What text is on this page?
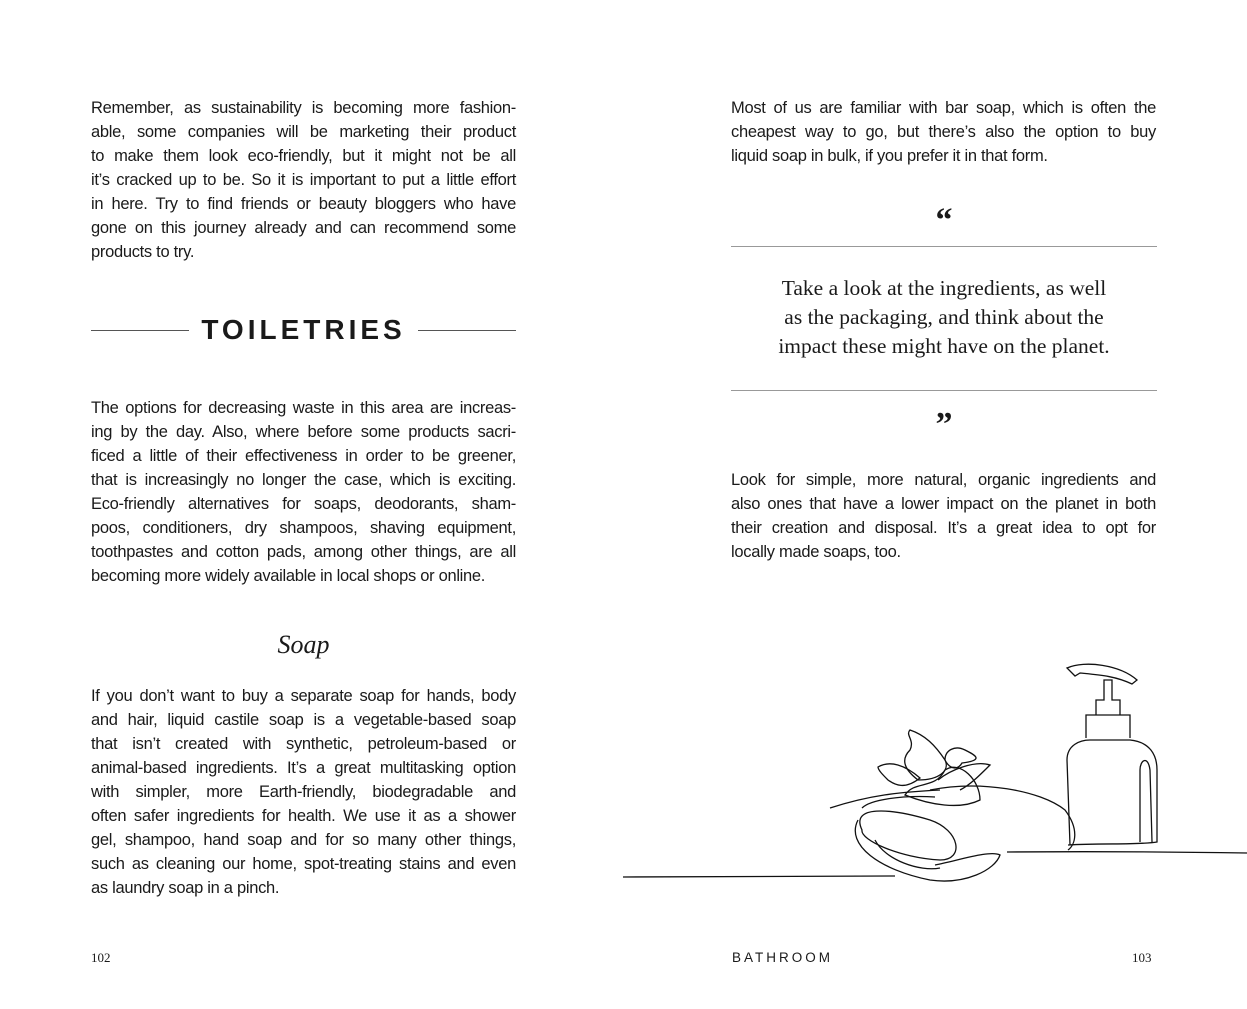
Remember, as sustainability is becoming more fashion-
able, some companies will be marketing their product
to make them look eco-friendly, but it might not be all
it’s cracked up to be. So it is important to put a little effort
in here. Try to find friends or beauty bloggers who have
gone on this journey already and can recommend some
products to try.
TOILETRIES
The options for decreasing waste in this area are increas-
ing by the day. Also, where before some products sacri-
ficed a little of their effectiveness in order to be greener,
that is increasingly no longer the case, which is exciting.
Eco-friendly alternatives for soaps, deodorants, sham-
poos, conditioners, dry shampoos, shaving equipment,
toothpastes and cotton pads, among other things, are all
becoming more widely available in local shops or online.
Soap
If you don’t want to buy a separate soap for hands, body
and hair, liquid castile soap is a vegetable-based soap
that isn’t created with synthetic, petroleum-based or
animal-based ingredients. It’s a great multitasking option
with simpler, more Earth-friendly, biodegradable and
often safer ingredients for health. We use it as a shower
gel, shampoo, hand soap and for so many other things,
such as cleaning our home, spot-treating stains and even
as laundry soap in a pinch.
102
Most of us are familiar with bar soap, which is often the
cheapest way to go, but there’s also the option to buy
liquid soap in bulk, if you prefer it in that form.
“
Take a look at the ingredients, as well
as the packaging, and think about the
impact these might have on the planet.
”
Look for simple, more natural, organic ingredients and
also ones that have a lower impact on the planet in both
their creation and disposal. It’s a great idea to opt for
locally made soaps, too.
BATHROOM	103
